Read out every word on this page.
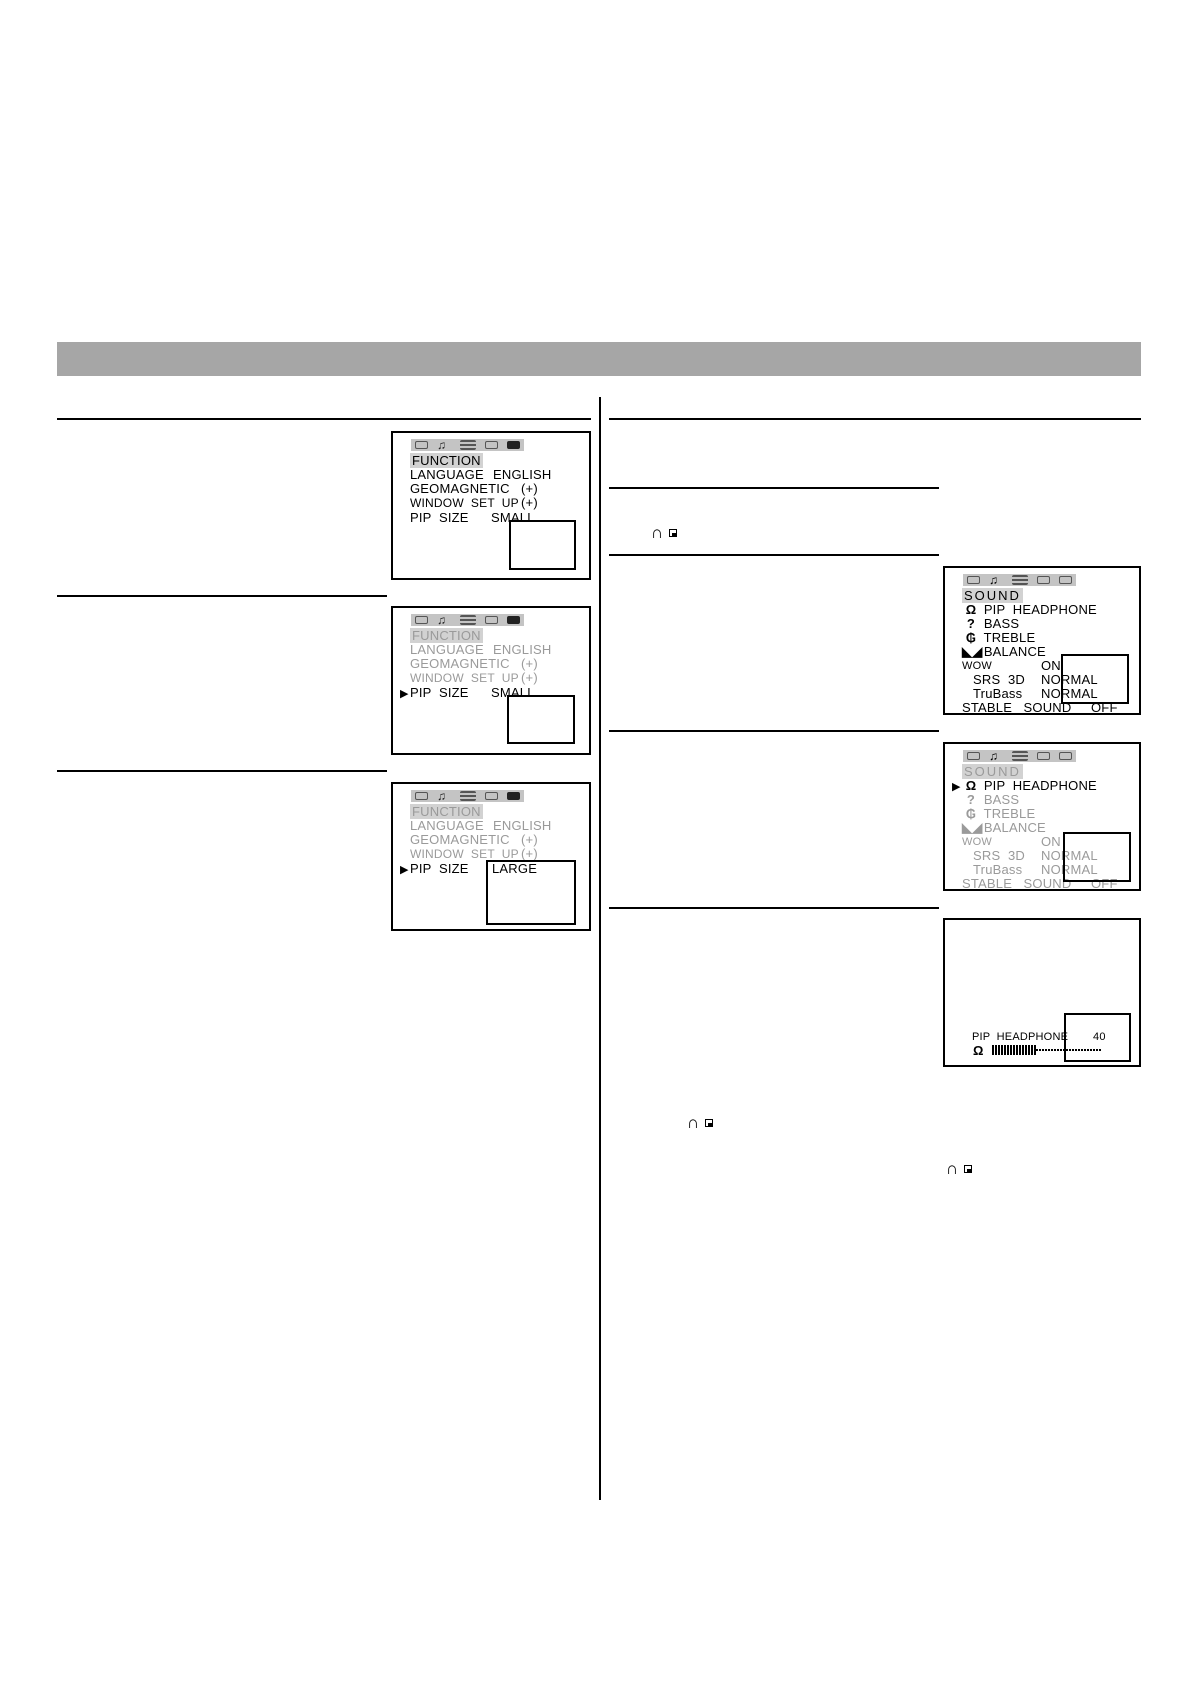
∩
∩
∩
♫
FUNCTION
LANGUAGE ENGLISH
GEOMAGNETIC (+)
WINDOW  SET  UP (+)
PIP  SIZE SMALL
♫
FUNCTION
LANGUAGE ENGLISH
GEOMAGNETIC (+)
WINDOW  SET  UP (+)
▶ PIP  SIZE SMALL
♫
FUNCTION
LANGUAGE ENGLISH
GEOMAGNETIC (+)
WINDOW  SET  UP (+)
▶ PIP  SIZE LARGE
♫
SOUND
Ω PIP  HEADPHONE
? BASS
₲ TREBLE
◣◢ BALANCE
WOW	ON
SRS  3D NORMAL
TruBass NORMAL
STABLE   SOUND OFF
♫
SOUND
▶ Ω PIP  HEADPHONE
? BASS
₲ TREBLE
◣◢ BALANCE
WOW	ON
SRS  3D NORMAL
TruBass NORMAL
STABLE   SOUND OFF
PIP  HEADPHONE 40
Ω
